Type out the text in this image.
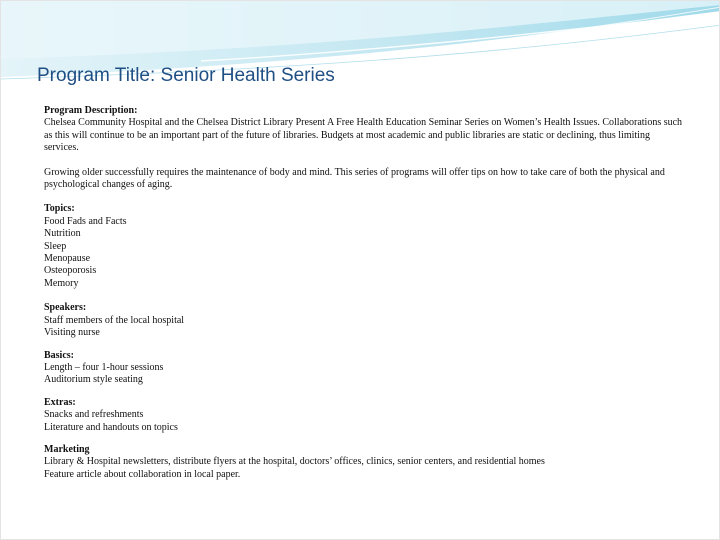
Program Title: Senior Health Series
Program Description:
Chelsea Community Hospital and the Chelsea District Library Present A Free Health Education Seminar Series on Women’s Health Issues. Collaborations such as this will continue to be an important part of the future of libraries. Budgets at most academic and public libraries are static or declining, thus limiting services.
Growing older successfully requires the maintenance of body and mind. This series of programs will offer tips on how to take care of both the physical and psychological changes of aging.
Topics:
Food Fads and Facts
Nutrition
Sleep
Menopause
Osteoporosis
Memory
Speakers:
Staff members of the local hospital
Visiting nurse
Basics:
Length – four 1-hour sessions
Auditorium style seating
Extras:
Snacks and refreshments
Literature and handouts on topics
Marketing
Library & Hospital newsletters, distribute flyers at the hospital, doctors’ offices, clinics, senior centers, and residential homes
Feature article about collaboration in local paper.
